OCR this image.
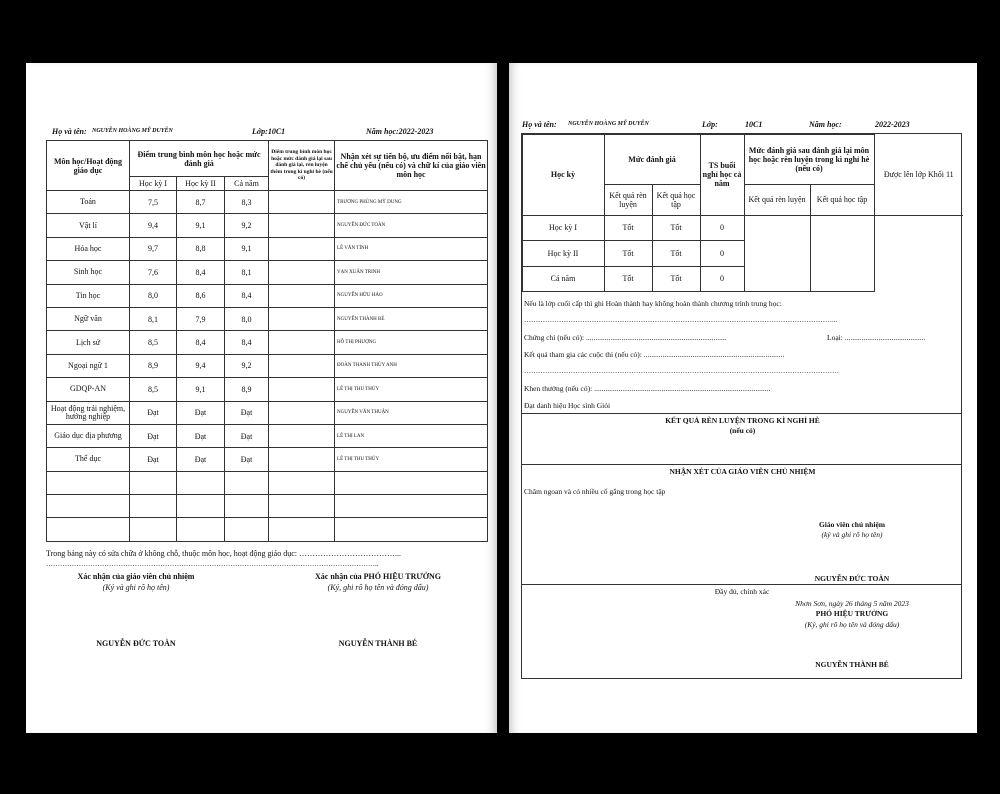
Họ và tên: NGUYỄN HOÀNG MỸ DUYÊN	Lớp:10C1	Năm học:2022-2023
Môn học/Hoạt động giáo dục	Điểm trung bình môn học hoặc mức đánh giá			Điểm trung bình môn học hoặc mức đánh giá lại sau đánh giá lại, rèn luyện thêm trong kì nghỉ hè (nếu có)	Nhận xét sự tiến bộ, ưu điểm nổi bật, hạn chế chủ yếu (nếu có) và chữ kí của giáo viên môn học
	Học kỳ I	Học kỳ II	Cả năm		
Toán	7,5	8,7	8,3		TRƯƠNG PHÙNG MỸ DUNG
Vật lí	9,4	9,1	9,2		NGUYỄN ĐỨC TOÀN
Hóa học	9,7	8,8	9,1		LÊ VĂN TỈNH
Sinh học	7,6	8,4	8,1		VẠN XUÂN TRINH
Tin học	8,0	8,6	8,4		NGUYỄN HỮU HẢO
Ngữ văn	8,1	7,9	8,0		NGUYỄN THÀNH BÉ
Lịch sử	8,5	8,4	8,4		HỒ THỊ PHƯỢNG
Ngoại ngữ 1	8,9	9,4	9,2		ĐOÀN THANH THÙY ANH
GDQP-AN	8,5	9,1	8,9		LÊ THỊ THU THÚY
Hoạt động trải nghiệm, hướng nghiệp	Đạt	Đạt	Đạt		NGUYỄN VĂN THUẬN
Giáo dục địa phương	Đạt	Đạt	Đạt		LÊ THỊ LAN
Thể dục	Đạt	Đạt	Đạt		LÊ THỊ THU THÚY

Trong bảng này có sửa chữa ở không chỗ, thuộc môn học, hoạt động giáo dục: ………………………………...
……………………………………………………………………………………………………………………………..
Xác nhận của giáo viên chủ nhiệm
(Ký và ghi rõ họ tên)
NGUYỄN ĐỨC TOÀN
Xác nhận của PHÓ HIỆU TRƯỞNG
(Ký, ghi rõ họ tên và đóng dấu)
NGUYỄN THÀNH BÉ
Họ và tên: NGUYỄN HOÀNG MỸ DUYÊN	Lớp:	10C1	Năm học:	2022-2023
Học kỳ	Mức đánh giá		TS buổi nghỉ học cả năm	Mức đánh giá sau đánh giá lại môn học hoặc rèn luyện trong kì nghỉ hè (nếu có)		Được lên lớp Khối 11
	Kết quả rèn luyện	Kết quả học tập		Kết quả rèn luyện	Kết quả học tập	
Học kỳ I	Tốt	Tốt	0			
Học kỳ II	Tốt	Tốt	0			
Cả năm	Tốt	Tốt	0			
Nếu là lớp cuối cấp thì ghi Hoàn thành hay không hoàn thành chương trình trung học:
……………………………………………………………………………………………………………………...
Chứng chỉ (nếu có): ...........................................................................	Loại: ...........................................
Kết quả tham gia các cuộc thi (nếu có): ...........................................................................
………………………………………………………………………………………………………………………
Khen thưởng (nếu có): ..............................................................................................
Đạt danh hiệu Học sinh Giỏi
KẾT QUẢ RÈN LUYỆN TRONG KÌ NGHỈ HÈ
(nếu có)
NHẬN XÉT CỦA GIÁO VIÊN CHỦ NHIỆM
Chăm ngoan và có nhiều cố gắng trong học tập
Giáo viên chủ nhiệm
(ký và ghi rõ họ tên)
NGUYỄN ĐỨC TOÀN
Đầy đủ, chính xác
Nhơn Sơn, ngày 26 tháng 5 năm 2023
PHÓ HIỆU TRƯỞNG
(Ký, ghi rõ họ tên và đóng dấu)
NGUYỄN THÀNH BÉ
